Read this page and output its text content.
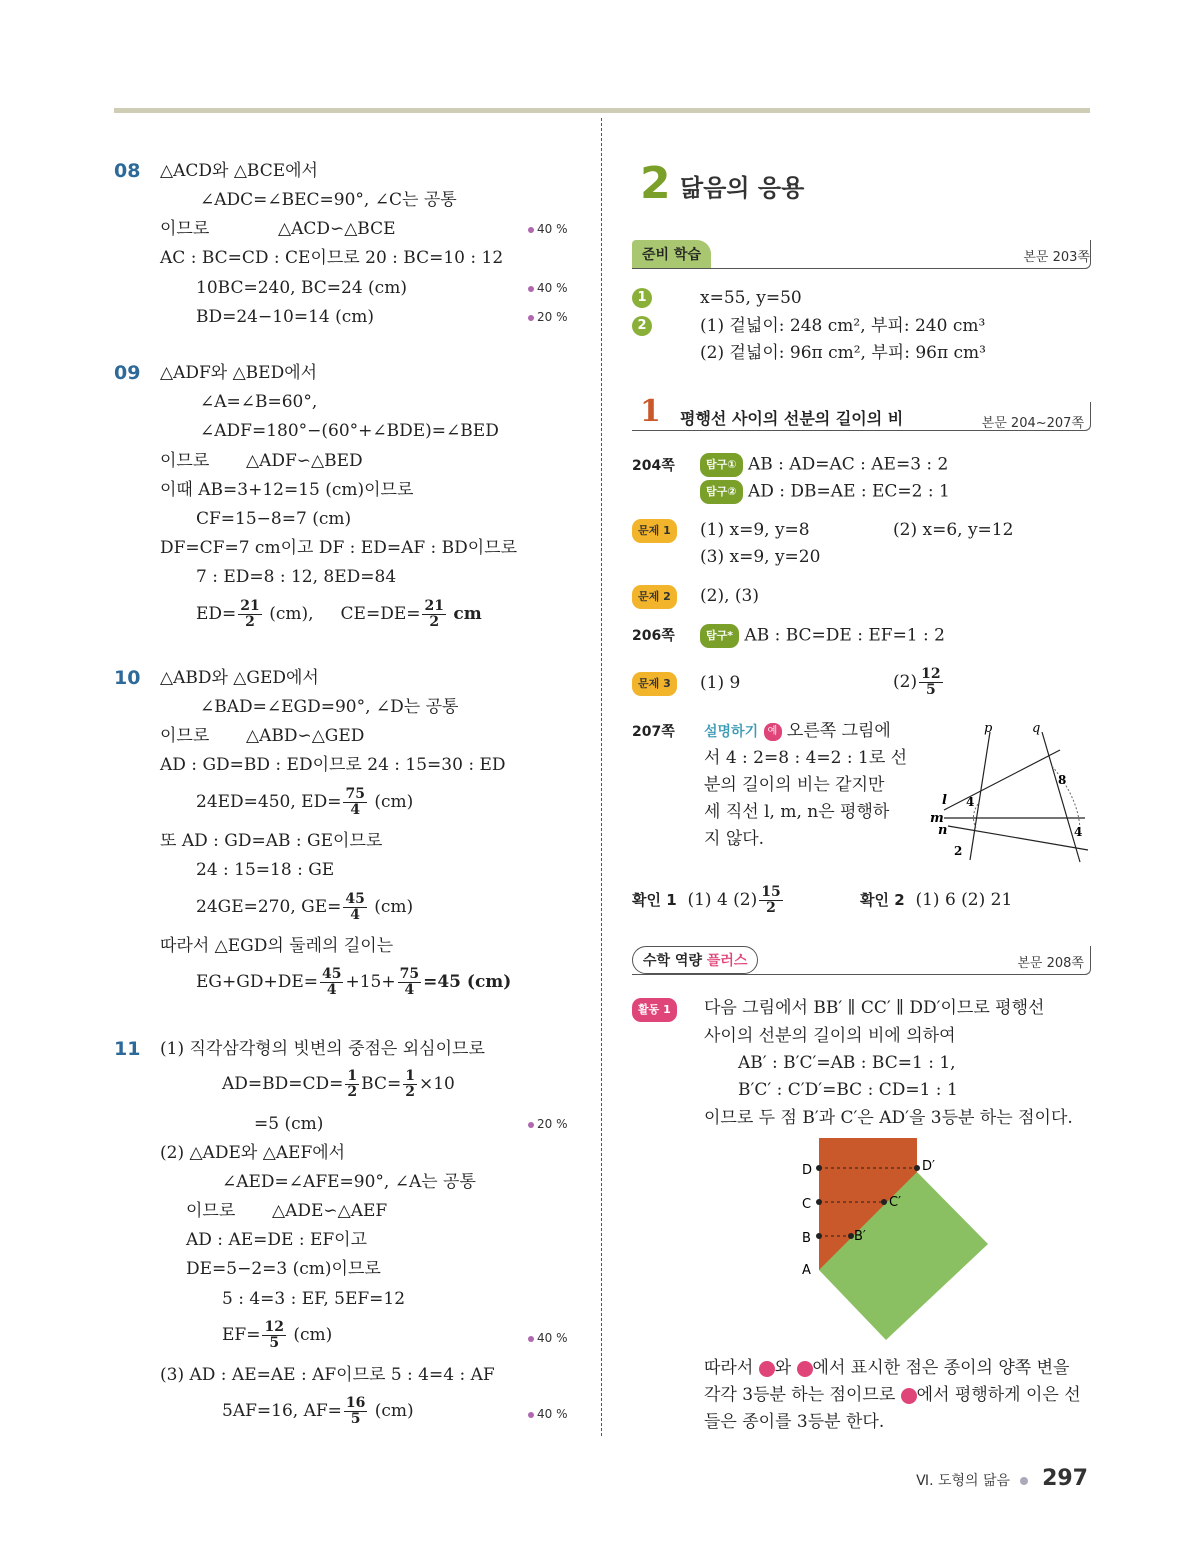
08 △ACD와 △BCE에서
∠ADC=∠BEC=90°, ∠C는 공통
이므로	△ACD∽△BCE	40 %
AC : BC=CD : CE이므로 20 : BC=10 : 12
10BC=240, BC=24 (cm)	40 %
BD=24−10=14 (cm)	20 %
09 △ADF와 △BED에서
∠A=∠B=60°,
∠ADF=180°−(60°+∠BDE)=∠BED
이므로 △ADF∽△BED
이때 AB=3+12=15 (cm)이므로
CF=15−8=7 (cm)
DF=CF=7 cm이고 DF : ED=AF : BD이므로
7 : ED=8 : 12, 8ED=84
$ED= \frac{21}{2} (cm)$, $CE=DE= \frac{21}{2}$ cm
10 △ABD와 △GED에서
∠BAD=∠EGD=90°, ∠D는 공통
이므로 △ABD∽△GED
AD : GD=BD : ED이므로 24 : 15=30 : ED
24ED=450, $ED= \frac{75}{4} (cm)$
또 AD : GD=AB : GE이므로
24 : 15=18 : GE
24GE=270, $GE= \frac{45}{4} (cm)$
따라서 △EGD의 둘레의 길이는
$EG+GD+DE= \frac{45}{4} +15+ \frac{75}{4} =45$ (cm)
11 (1) 직각삼각형의 빗변의 중점은 외심이므로
$AD=BD=CD= \frac{1}{2} BC= \frac{1}{2} \times 10$
=5 (cm)	20 %
(2) △ADE와 △AEF에서
∠AED=∠AFE=90°, ∠A는 공통
이므로 △ADE∽△AEF
AD : AE=DE : EF이고
DE=5−2=3 (cm)이므로
5 : 4=3 : EF, 5EF=12
$EF= \frac{12}{5} (cm)$	40 %
(3) AD : AE=AE : AF이므로 5 : 4=4 : AF
5AF=16, $AF= \frac{16}{5} (cm)$	40 %
2 닮음의 응용
준비 학습	본문 203쪽
1	x=55, y=50
2	(1) 겉넓이: 248 cm², 부피: 240 cm³
(2) 겉넓이: 96π cm², 부피: 96π cm³
1 평행선 사이의 선분의 길이의 비	본문 204~207쪽
204쪽	탐구① AB : AD=AC : AE=3 : 2
탐구② AD : DB=AE : EC=2 : 1
문제 1	(1) x=9, y=8	(2) x=6, y=12
(3) x=9, y=20
문제 2	(2), (3)
206쪽	탐구* AB : BC=DE : EF=1 : 2
문제 3	(1) 9	$(2) \frac{12}{5}$
207쪽 설명하기 예 오른쪽 그림에
서 4 : 2=8 : 4=2 : 1로 선
분의 길이의 비는 같지만
세 직선 l, m, n은 평행하
지 않다.
p	q
l
m
n
4
2
8
4
확인 1 (1) 4 $(2) \frac{15}{2}$	확인 2 (1) 6 (2) 21
수학 역량 플러스	본문 208쪽
활동 1	다음 그림에서 BB′ ∥ CC′ ∥ DD′이므로 평행선
사이의 선분의 길이의 비에 의하여
AB′ : B′C′=AB : BC=1 : 1,
B′C′ : C′D′=BC : CD=1 : 1
이므로 두 점 B′과 C′은 AD′을 3등분 하는 점이다.
D
C
B
A
D′
C′
B′
따라서 와 에서 표시한 점은 종이의 양쪽 변을
각각 3등분 하는 점이므로 에서 평행하게 이은 선
들은 종이를 3등분 한다.
Ⅵ. 도형의 닮음 297
